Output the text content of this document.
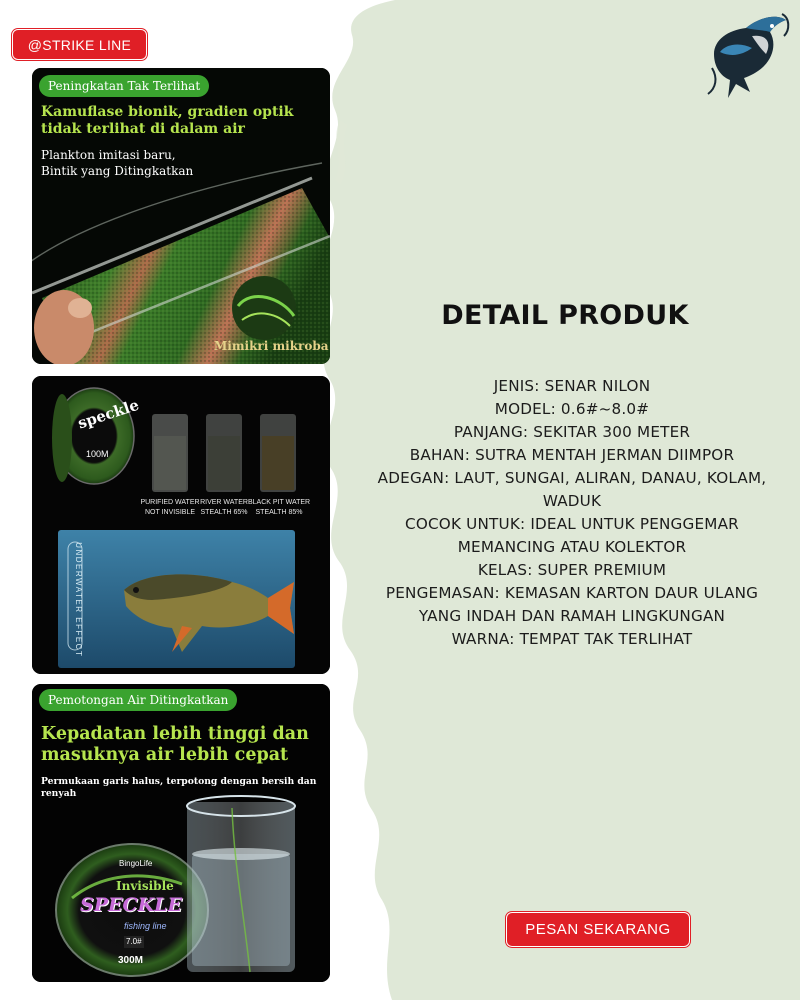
@STRIKE LINE
Peningkatan Tak Terlihat
Kamuflase bionik, gradien optik
tidak terlihat di dalam air
Plankton imitasi baru,
Bintik yang Ditingkatkan
Mimikri mikroba
speckle
100M
PURIFIED WATER
NOT INVISIBLE
RIVER WATER
STEALTH 65%
BLACK PIT WATER
STEALTH 85%
UNDERWATER EFFECT
Pemotongan Air Ditingkatkan
Kepadatan lebih tinggi dan
masuknya air lebih cepat
Permukaan garis halus, terpotong dengan bersih dan renyah
BingoLife
Invisible
SPECKLE
fishing line
7.0#
300M
DETAIL PRODUK
JENIS: SENAR NILON
MODEL: 0.6#~8.0#
PANJANG: SEKITAR 300 METER
BAHAN: SUTRA MENTAH JERMAN DIIMPOR
ADEGAN: LAUT, SUNGAI, ALIRAN, DANAU, KOLAM,
WADUK
COCOK UNTUK: IDEAL UNTUK PENGGEMAR
MEMANCING ATAU KOLEKTOR
KELAS: SUPER PREMIUM
PENGEMASAN: KEMASAN KARTON DAUR ULANG
YANG INDAH DAN RAMAH LINGKUNGAN
WARNA: TEMPAT TAK TERLIHAT
PESAN SEKARANG
